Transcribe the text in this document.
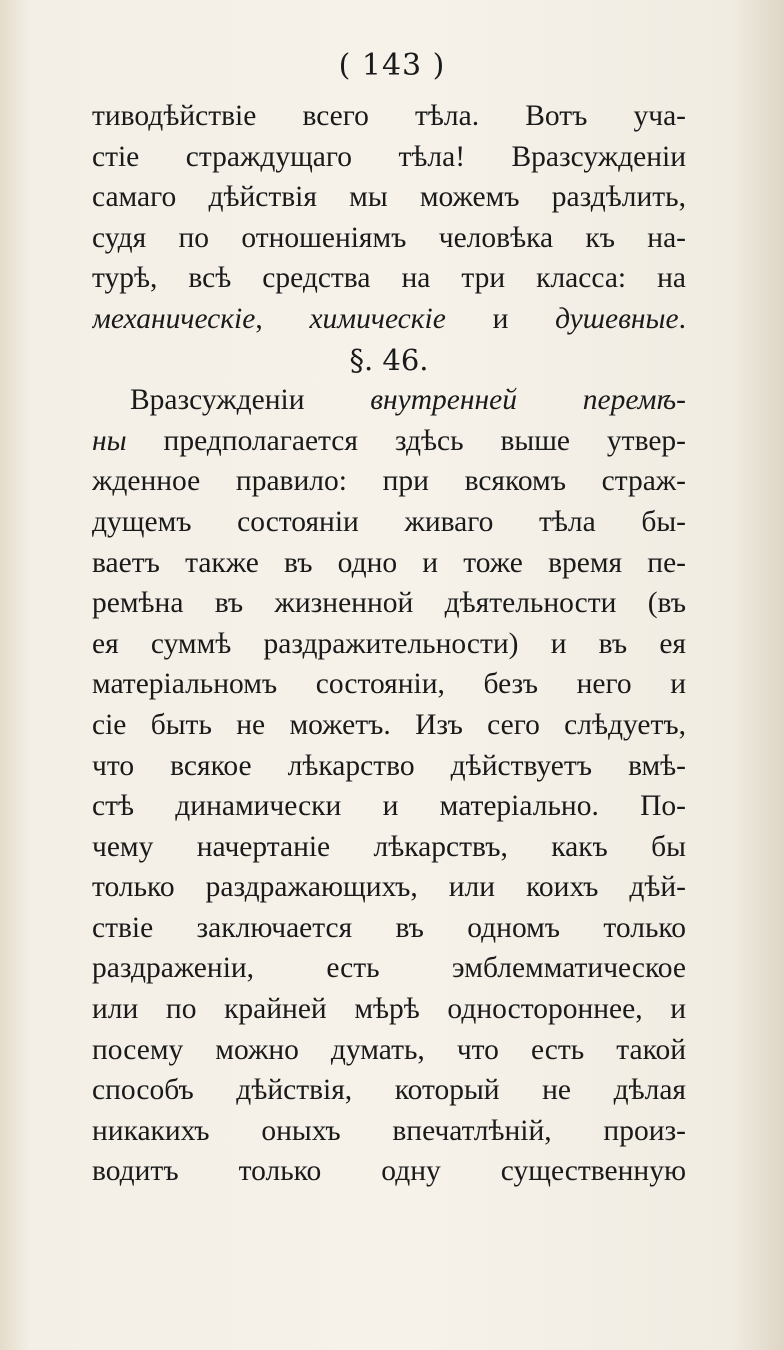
( 143 )
тиводѣйствіе всего тѣла. Вотъ уча-
стіе страждущаго тѣла! Вразсужденіи
самаго дѣйствія мы можемъ раздѣлить,
судя по отношеніямъ человѣка къ на-
турѣ, всѣ средства на три класса: на
механическіе, химическіе и душевные.
§. 46.
Вразсужденіи внутренней перемѣ-
ны предполагается здѣсь выше утвер-
жденное правило: при всякомъ страж-
дущемъ состояніи живаго тѣла бы-
ваетъ также въ одно и тоже время пе-
ремѣна въ жизненной дѣятельности (въ
ея суммѣ раздражительности) и въ ея
матеріальномъ состояніи, безъ него и
сіе быть не можетъ. Изъ сего слѣдуетъ,
что всякое лѣкарство дѣйствуетъ вмѣ-
стѣ динамически и матеріально. По-
чему начертаніе лѣкарствъ, какъ бы
только раздражающихъ, или коихъ дѣй-
ствіе заключается въ одномъ только
раздраженіи, есть эмблемматическое
или по крайней мѣрѣ одностороннее, и
посему можно думать, что есть такой
способъ дѣйствія, который не дѣлая
никакихъ оныхъ впечатлѣній, произ-
водитъ только одну существенную
